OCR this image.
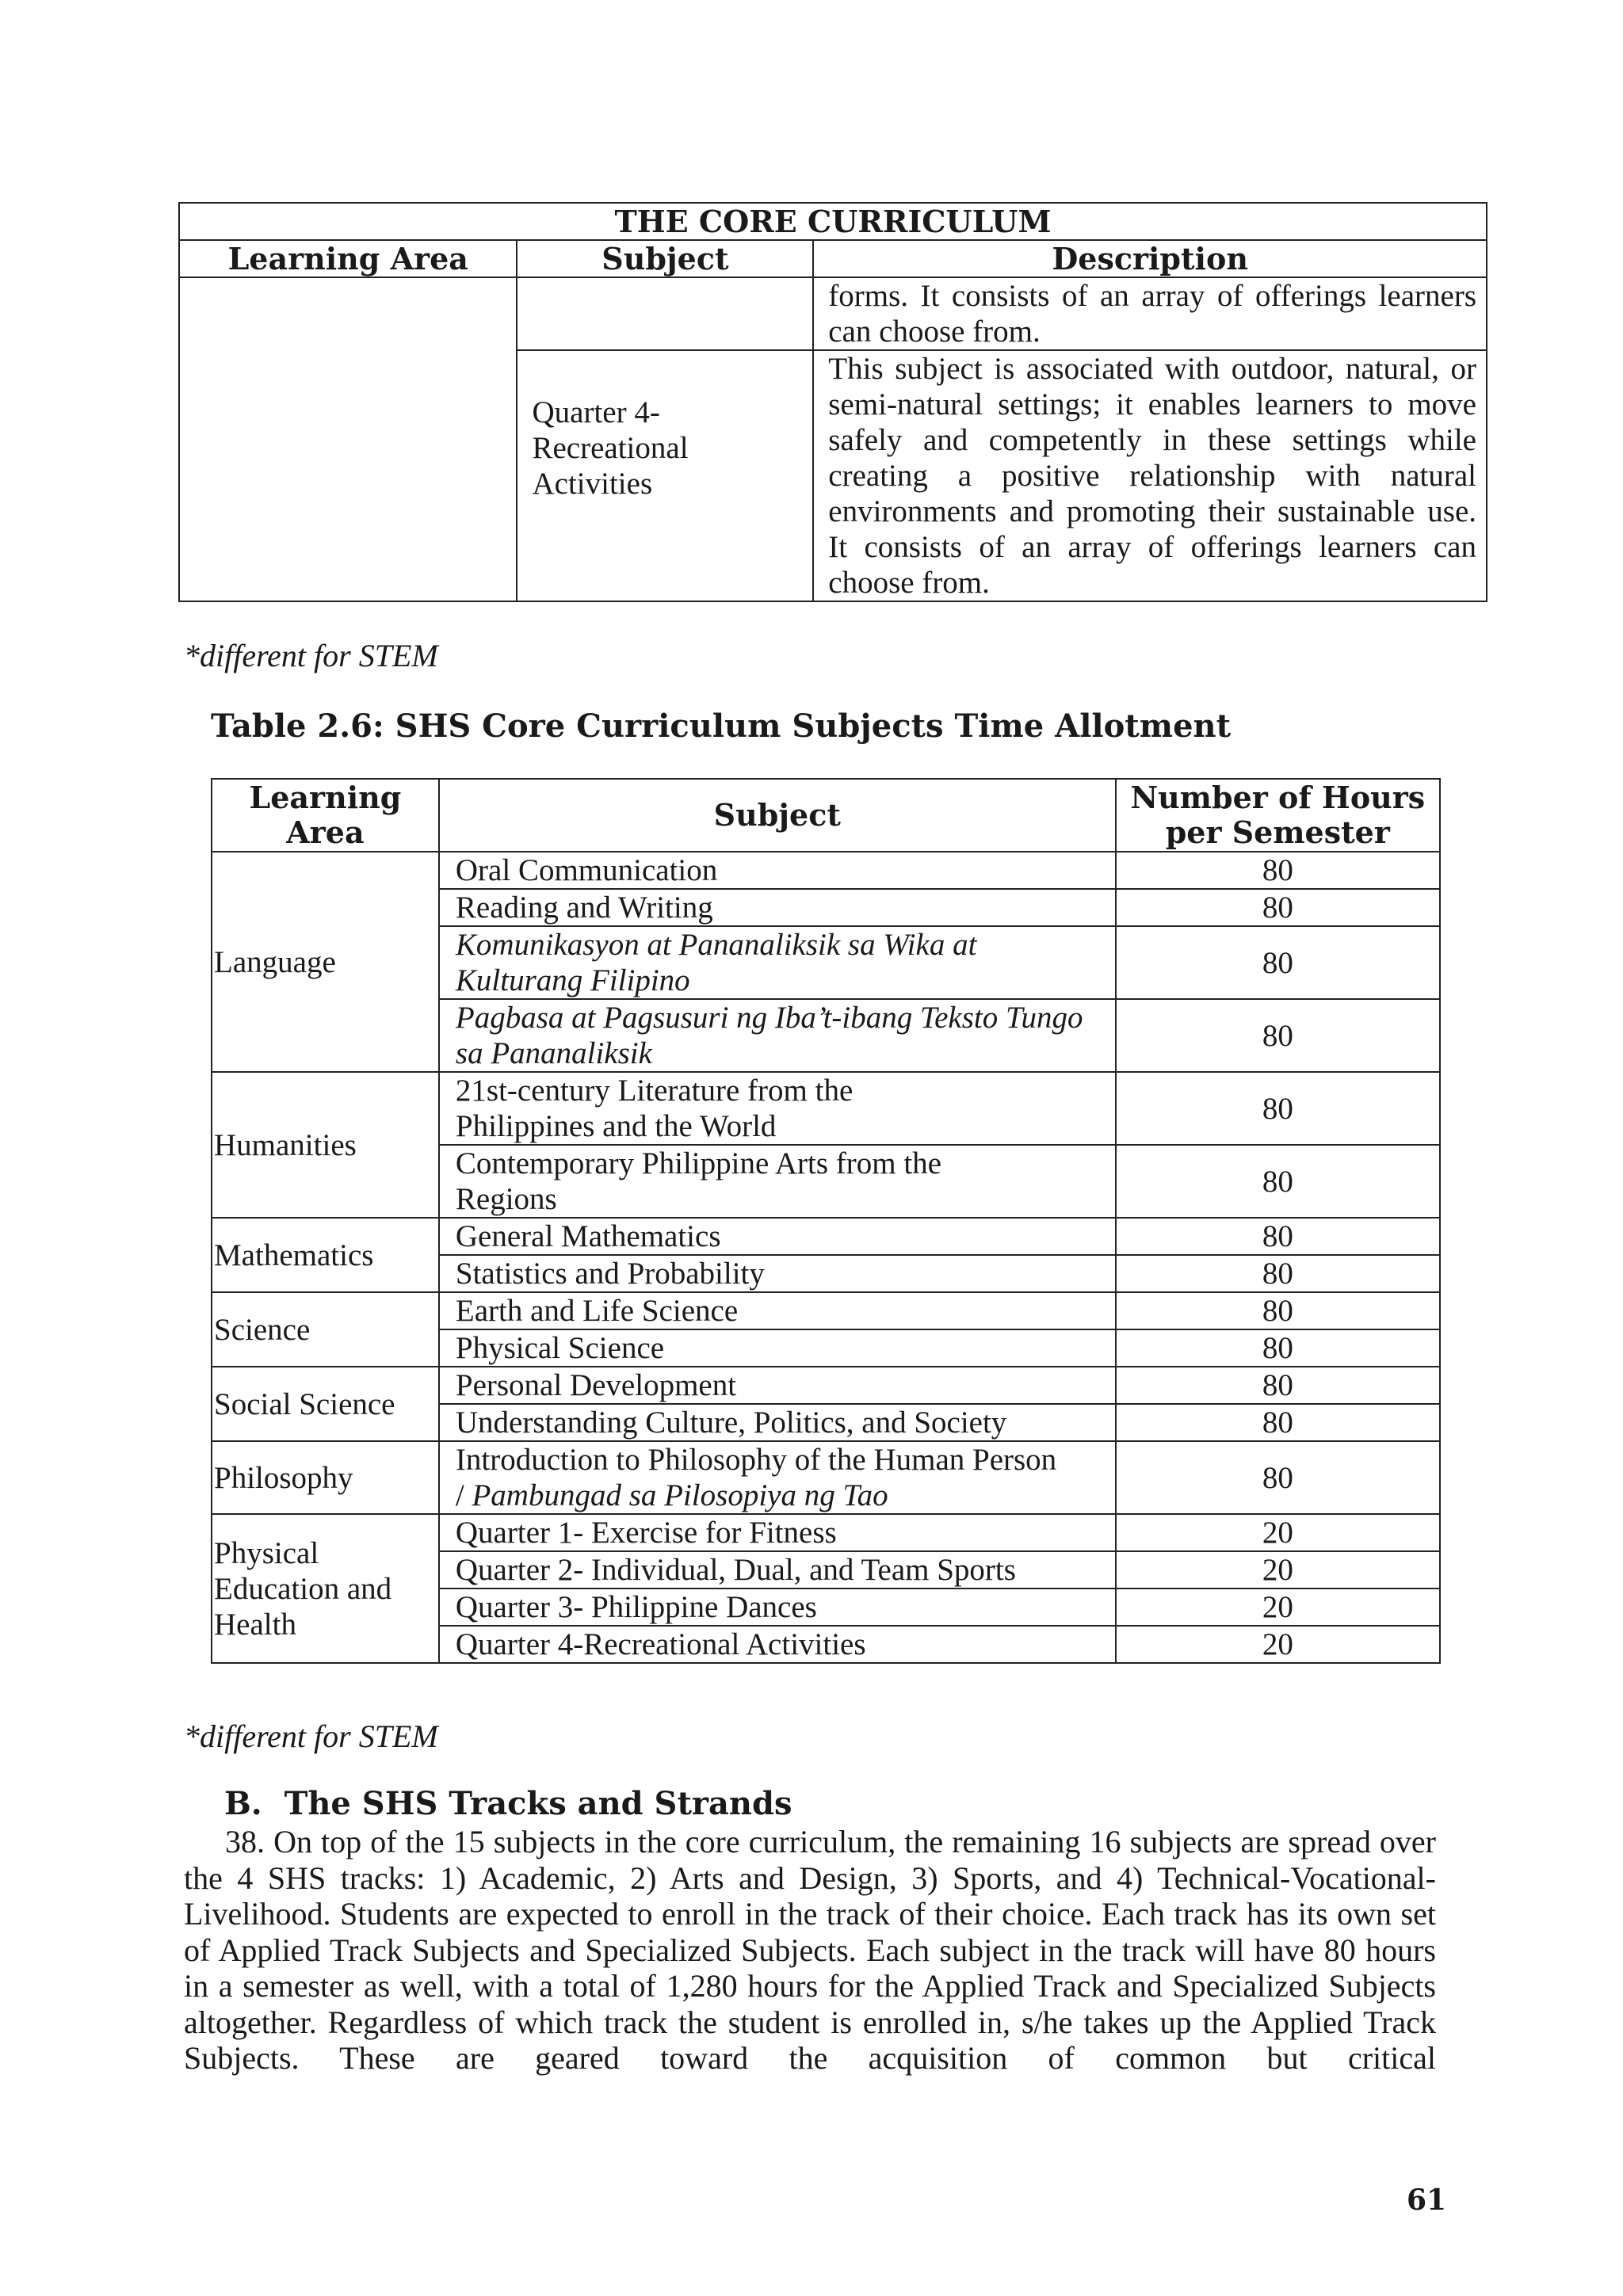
THE CORE CURRICULUM		
Learning Area	Subject	Description
		forms. It consists of an array of offerings learners can choose from.

	Quarter 4- Recreational Activities	This subject is associated with outdoor, natural, or semi-natural settings; it enables learners to move safely and competently in these settings while creating a positive relationship with natural environments and promoting their sustainable use. It consists of an array of offerings learners can choose from.
*different for STEM
Table 2.6: SHS Core Curriculum Subjects Time Allotment
Learning Area	Subject	Number of Hours per Semester
Language	Oral Communication	80
	Reading and Writing	80

	Komunikasyon at Pananaliksik sa Wika at Kulturang Filipino	80

	Pagbasa at Pagsusuri ng Iba’t-ibang Teksto Tungo sa Pananaliksik	80
Humanities	21st-century Literature from the Philippines and the World	80

	Contemporary Philippine Arts from the Regions	80
Mathematics	General Mathematics	80
	Statistics and Probability	80
Science	Earth and Life Science	80
	Physical Science	80
Social Science	Personal Development	80

	Understanding Culture, Politics, and Society	80
Philosophy	Introduction to Philosophy of the Human Person
/ Pambungad sa Pilosopiya ng Tao	80

Physical Education and Health	Quarter 1- Exercise for Fitness	20

	Quarter 2- Individual, Dual, and Team Sports	20
	Quarter 3- Philippine Dances	20
	Quarter 4-Recreational Activities	20
*different for STEM
B.  The SHS Tracks and Strands
38. On top of the 15 subjects in the core curriculum, the remaining 16 subjects are spread over the 4 SHS tracks: 1) Academic, 2) Arts and Design, 3) Sports, and 4) Technical-Vocational-Livelihood. Students are expected to enroll in the track of their choice. Each track has its own set of Applied Track Subjects and Specialized Subjects. Each subject in the track will have 80 hours in a semester as well, with a total of 1,280 hours for the Applied Track and Specialized Subjects altogether. Regardless of which track the student is enrolled in, s/he takes up the Applied Track Subjects. These are geared toward the acquisition of common but critical
61
